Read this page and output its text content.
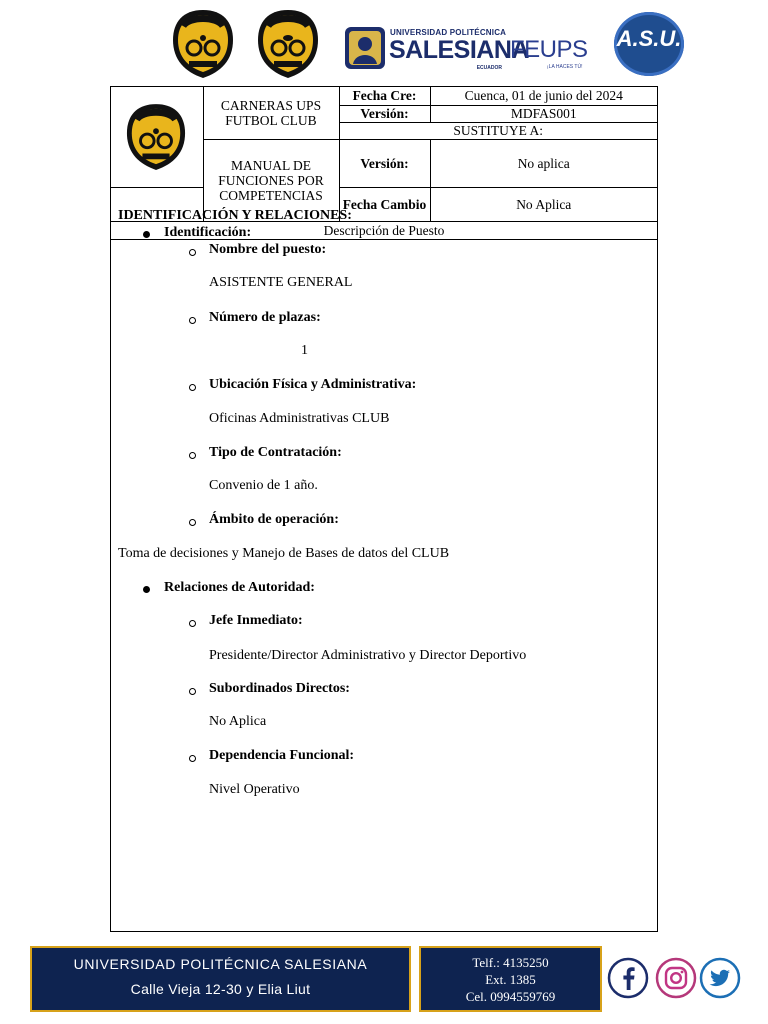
UNIVERSIDAD POLITÉCNICA
SALESIANA
ECUADOR
FEUPS
¡LA HACES TÚ!
A.S.U.
	CARNERAS UPS FUTBOL CLUB	Fecha Cre:	Cuenca, 01 de junio del 2024
		Versión:	MDFAS001
		SUSTITUYE A:	
	MANUAL DE FUNCIONES POR COMPETENCIAS	Versión:	No aplica
		Fecha Cambio	No Aplica
Descripción de Puesto			
IDENTIFICACIÓN Y RELACIONES:
Identificación:
Nombre del puesto:
ASISTENTE GENERAL
Número de plazas:
1
Ubicación Física y Administrativa:
Oficinas Administrativas CLUB
Tipo de Contratación:
Convenio de 1 año.
Ámbito de operación:
Toma de decisiones y Manejo de Bases de datos del CLUB
Relaciones de Autoridad:
Jefe Inmediato:
Presidente/Director Administrativo y Director Deportivo
Subordinados Directos:
No Aplica
Dependencia Funcional:
Nivel Operativo
UNIVERSIDAD POLITÉCNICA SALESIANA
Calle Vieja 12-30 y Elia Liut
Telf.: 4135250
Ext. 1385
Cel. 0994559769
